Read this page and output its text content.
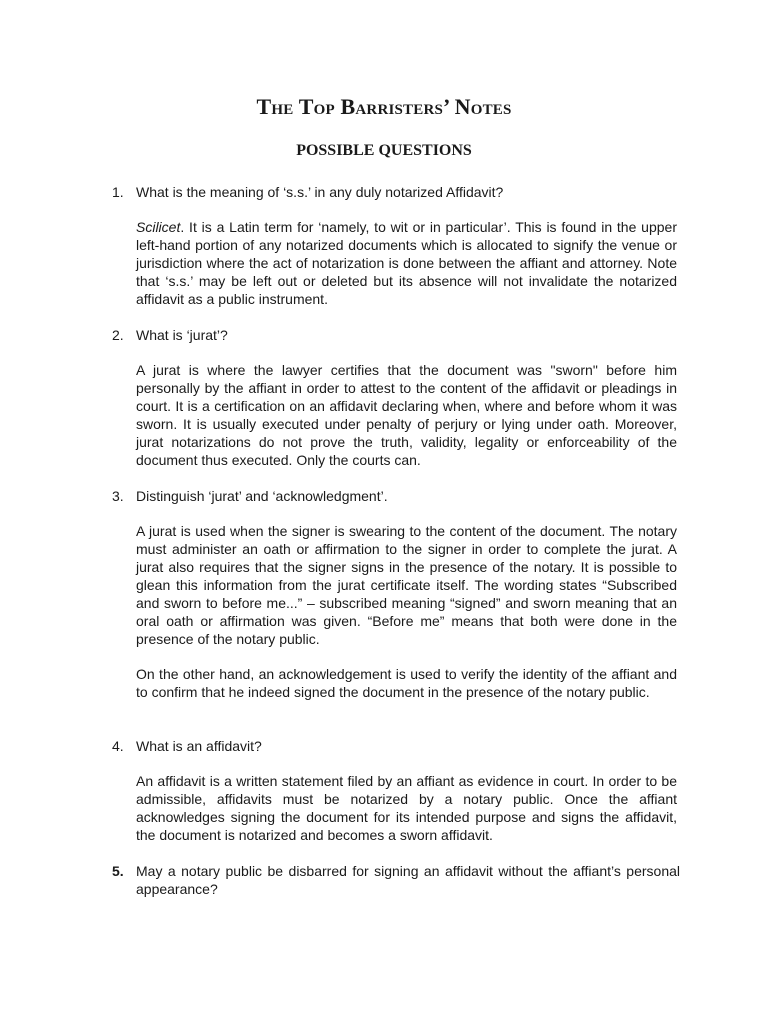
The Top Barristers’ Notes
POSSIBLE QUESTIONS
1. What is the meaning of ‘s.s.’ in any duly notarized Affidavit?
Scilicet. It is a Latin term for ‘namely, to wit or in particular’. This is found in the upper left-hand portion of any notarized documents which is allocated to signify the venue or jurisdiction where the act of notarization is done between the affiant and attorney. Note that ‘s.s.’ may be left out or deleted but its absence will not invalidate the notarized affidavit as a public instrument.
2. What is ‘jurat’?
A jurat is where the lawyer certifies that the document was "sworn" before him personally by the affiant in order to attest to the content of the affidavit or pleadings in court. It is a certification on an affidavit declaring when, where and before whom it was sworn. It is usually executed under penalty of perjury or lying under oath. Moreover, jurat notarizations do not prove the truth, validity, legality or enforceability of the document thus executed. Only the courts can.
3. Distinguish ‘jurat’ and ‘acknowledgment’.
A jurat is used when the signer is swearing to the content of the document. The notary must administer an oath or affirmation to the signer in order to complete the jurat. A jurat also requires that the signer signs in the presence of the notary. It is possible to glean this information from the jurat certificate itself. The wording states “Subscribed and sworn to before me...” – subscribed meaning “signed” and sworn meaning that an oral oath or affirmation was given. “Before me” means that both were done in the presence of the notary public.
On the other hand, an acknowledgement is used to verify the identity of the affiant and to confirm that he indeed signed the document in the presence of the notary public.
4. What is an affidavit?
An affidavit is a written statement filed by an affiant as evidence in court. In order to be admissible, affidavits must be notarized by a notary public. Once the affiant acknowledges signing the document for its intended purpose and signs the affidavit, the document is notarized and becomes a sworn affidavit.
5. May a notary public be disbarred for signing an affidavit without the affiant’s personal appearance?
